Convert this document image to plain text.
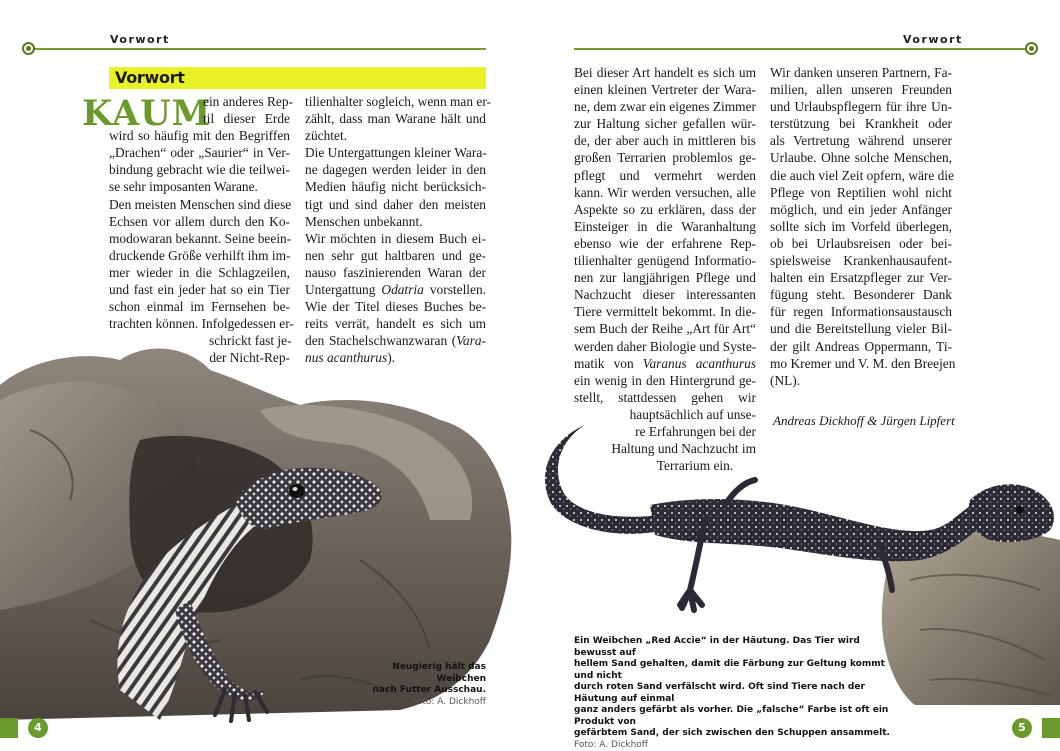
Vorwort
Vorwort
KAUM
ein anderes Rep-
til dieser Erde
wird so häufig mit den Begriffen
„Drachen“ oder „Saurier“ in Ver-
bindung gebracht wie die teilwei-
se sehr imposanten Warane.
Den meisten Menschen sind diese
Echsen vor allem durch den Ko-
modowaran bekannt. Seine beein-
druckende Größe verhilft ihm im-
mer wieder in die Schlagzeilen,
und fast ein jeder hat so ein Tier
schon einmal im Fernsehen be-
trachten können. Infolgedessen er-
schrickt fast je-
der Nicht-Rep-
tilienhalter sogleich, wenn man er-
zählt, dass man Warane hält und
züchtet.
Die Untergattungen kleiner Wara-
ne dagegen werden leider in den
Medien häufig nicht berücksich-
tigt und sind daher den meisten
Menschen unbekannt.
Wir möchten in diesem Buch ei-
nen sehr gut haltbaren und ge-
nauso faszinierenden Waran der
Untergattung Odatria vorstellen.
Wie der Titel dieses Buches be-
reits verrät, handelt es sich um
den Stachelschwanzwaran (Vara-
nus acanthurus).
Neugierig hält das Weibchen
nach Futter Ausschau.
Foto: A. Dickhoff
4
Vorwort
Bei dieser Art handelt es sich um
einen kleinen Vertreter der Wara-
ne, dem zwar ein eigenes Zimmer
zur Haltung sicher gefallen wür-
de, der aber auch in mittleren bis
großen Terrarien problemlos ge-
pflegt und vermehrt werden
kann. Wir werden versuchen, alle
Aspekte so zu erklären, dass der
Einsteiger in die Waranhaltung
ebenso wie der erfahrene Rep-
tilienhalter genügend Informatio-
nen zur langjährigen Pflege und
Nachzucht dieser interessanten
Tiere vermittelt bekommt. In die-
sem Buch der Reihe „Art für Art“
werden daher Biologie und Syste-
matik von Varanus acanthurus
ein wenig in den Hintergrund ge-
stellt, stattdessen gehen wir
hauptsächlich auf unse-
re Erfahrungen bei der
Haltung und Nachzucht im
Terrarium ein.
Wir danken unseren Partnern, Fa-
milien, allen unseren Freunden
und Urlaubspflegern für ihre Un-
terstützung bei Krankheit oder
als Vertretung während unserer
Urlaube. Ohne solche Menschen,
die auch viel Zeit opfern, wäre die
Pflege von Reptilien wohl nicht
möglich, und ein jeder Anfänger
sollte sich im Vorfeld überlegen,
ob bei Urlaubsreisen oder bei-
spielsweise Krankenhausaufent-
halten ein Ersatzpfleger zur Ver-
fügung steht. Besonderer Dank
für regen Informationsaustausch
und die Bereitstellung vieler Bil-
der gilt Andreas Oppermann, Ti-
mo Kremer und V. M. den Breejen
(NL).
Andreas Dickhoff & Jürgen Lipfert
Ein Weibchen „Red Accie“ in der Häutung. Das Tier wird bewusst auf
hellem Sand gehalten, damit die Färbung zur Geltung kommt und nicht
durch roten Sand verfälscht wird. Oft sind Tiere nach der Häutung auf einmal
ganz anders gefärbt als vorher. Die „falsche“ Farbe ist oft ein Produkt von
gefärbtem Sand, der sich zwischen den Schuppen ansammelt. Foto: A. Dickhoff
5
